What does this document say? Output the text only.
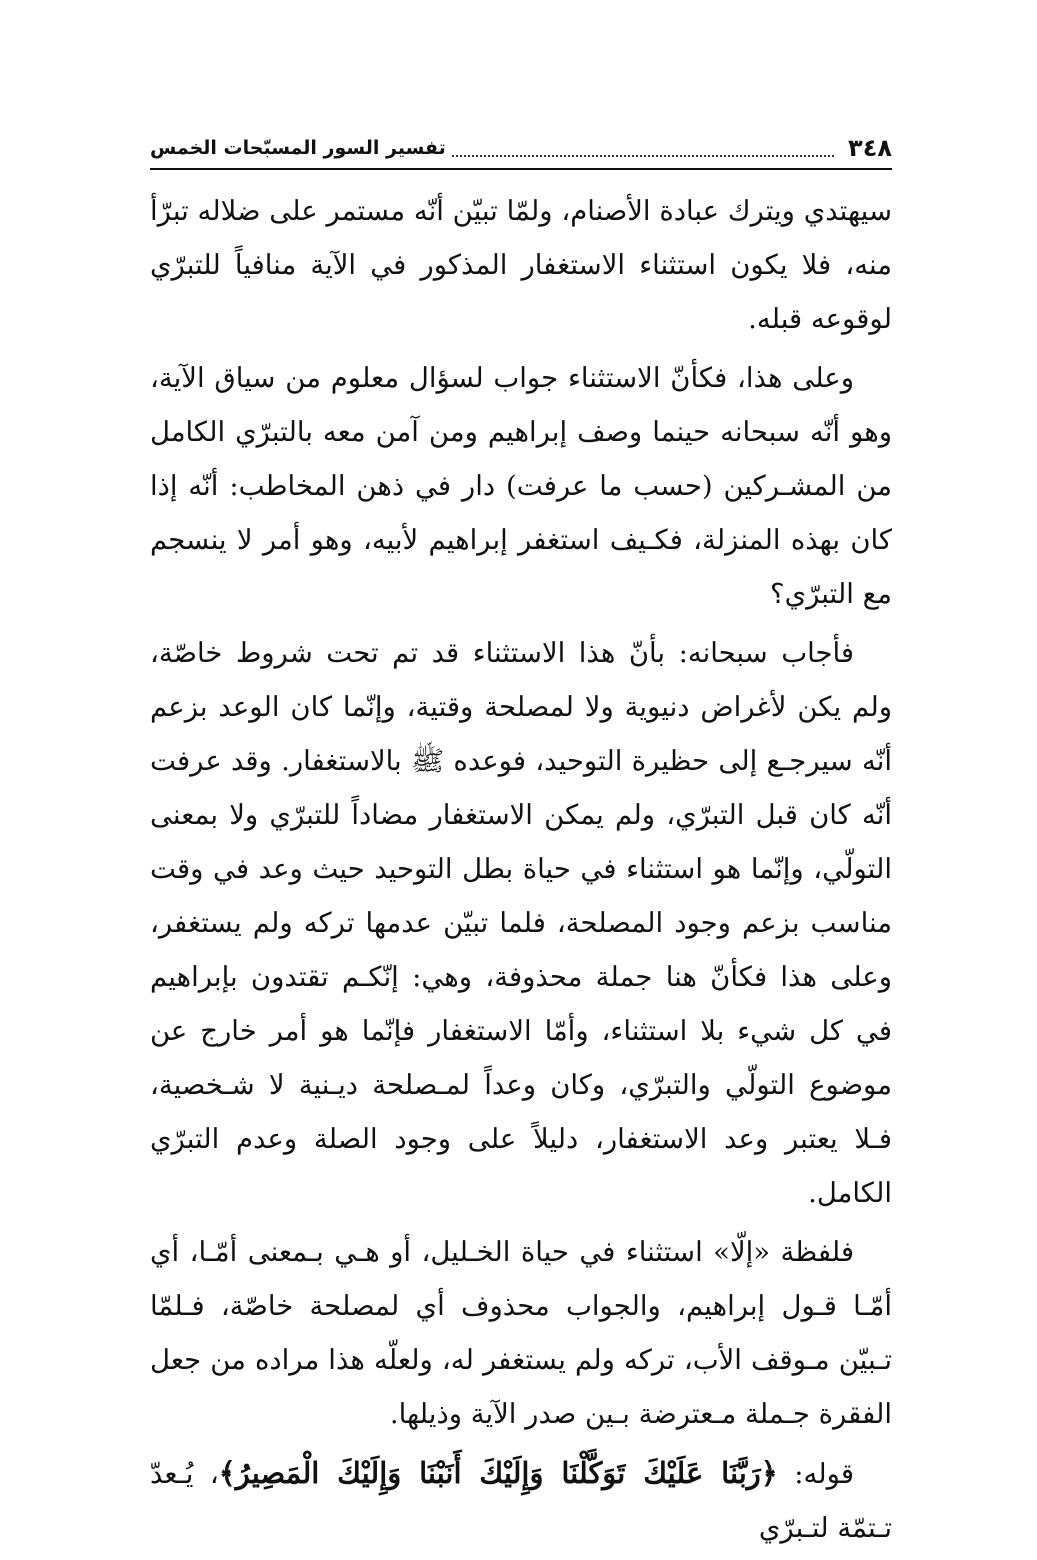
٣٤٨
تفسير السور المسبّحات الخمس

سيهتدي ويترك عبادة الأصنام، ولمّا تبيّن أنّه مستمر على ضلاله تبرّأ منه، فلا يكون استثناء الاستغفار المذكور في الآية منافياً للتبرّي لوقوعه قبله.

وعلى هذا، فكأنّ الاستثناء جواب لسؤال معلوم من سياق الآية، وهو أنّه سبحانه حينما وصف إبراهيم ومن آمن معه بالتبرّي الكامل من المشـركين (حسب ما عرفت) دار في ذهن المخاطب: أنّه إذا كان بهذه المنزلة، فكـيف استغفر إبراهيم لأبيه، وهو أمر لا ينسجم مع التبرّي؟

فأجاب سبحانه: بأنّ هذا الاستثناء قد تم تحت شروط خاصّة، ولم يكن لأغراض دنيوية ولا لمصلحة وقتية، وإنّما كان الوعد بزعم أنّه سيرجـع إلى حظيرة التوحيد، فوعده ﷺ بالاستغفار. وقد عرفت أنّه كان قبل التبرّي، ولم يمكن الاستغفار مضاداً للتبرّي ولا بمعنى التولّي، وإنّما هو استثناء في حياة بطل التوحيد حيث وعد في وقت مناسب بزعم وجود المصلحة، فلما تبيّن عدمها تركه ولم يستغفر، وعلى هذا فكأنّ هنا جملة محذوفة، وهي: إنّكـم تقتدون بإبراهيم في كل شيء بلا استثناء، وأمّا الاستغفار فإنّما هو أمر خارج عن موضوع التولّي والتبرّي، وكان وعداً لمـصلحة ديـنية لا شـخصية، فـلا يعتبر وعد الاستغفار، دليلاً على وجود الصلة وعدم التبرّي الكامل.

فلفظة «إلّا» استثناء في حياة الخـليل، أو هـي بـمعنى أمّـا، أي أمّـا قـول إبراهيم، والجواب محذوف أي لمصلحة خاصّة، فـلمّا تـبيّن مـوقف الأب، تركه ولم يستغفر له، ولعلّه هذا مراده من جعل الفقرة جـملة مـعترضة بـين صدر الآية وذيلها.

قوله: ﴿رَبَّنَا عَلَيْكَ تَوَكَّلْنَا وَإِلَيْكَ أَنَبْنَا وَإِلَيْكَ الْمَصِيرُ﴾، يُـعدّ تـتمّة لتـبرّي
